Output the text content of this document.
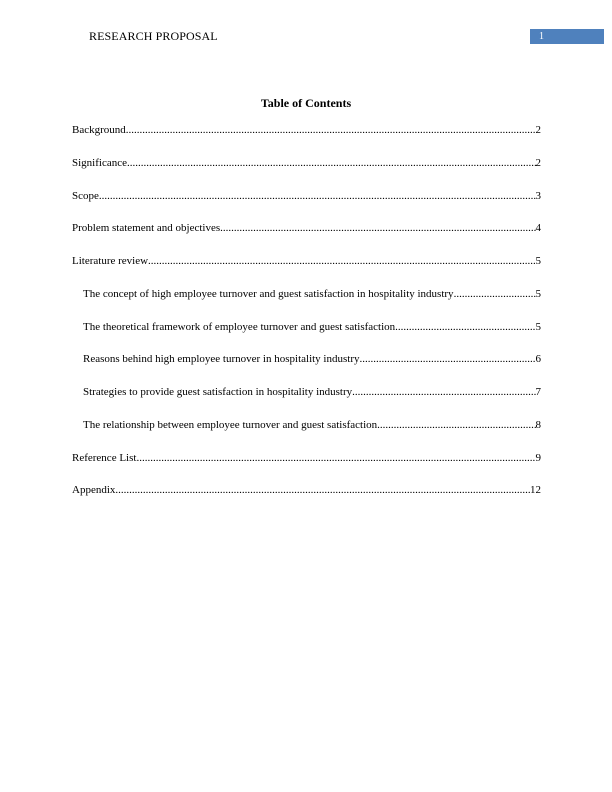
RESEARCH PROPOSAL	1
Table of Contents
Background .....	2
Significance .....	2
Scope .....	3
Problem statement and objectives .....	4
Literature review .....	5
The concept of high employee turnover and guest satisfaction in hospitality industry .....	5
The theoretical framework of employee turnover and guest satisfaction .....	5
Reasons behind high employee turnover in hospitality industry .....	6
Strategies to provide guest satisfaction in hospitality industry .....	7
The relationship between employee turnover and guest satisfaction .....	8
Reference List .....	9
Appendix .....	12
